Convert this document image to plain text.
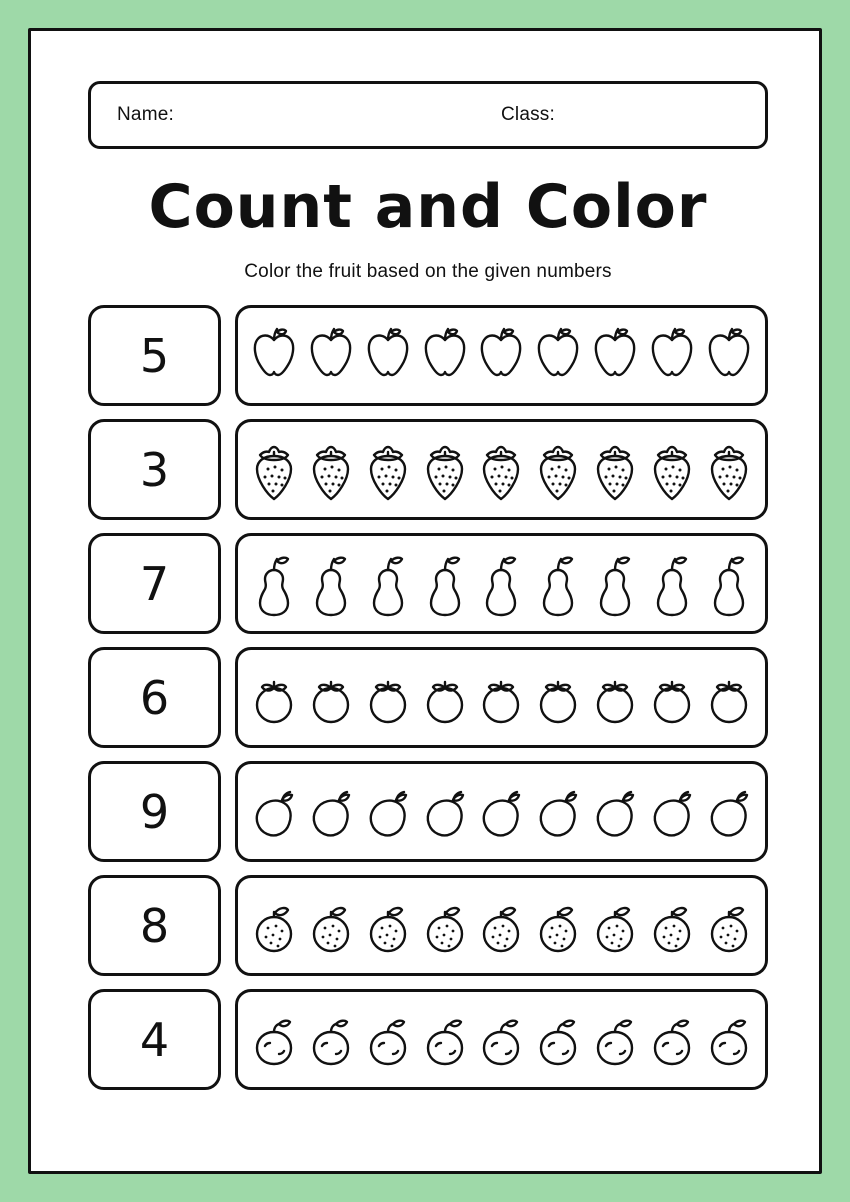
Name:	Class:
Count and Color
Color the fruit based on the given numbers
5
3
7
6
9
8
4
